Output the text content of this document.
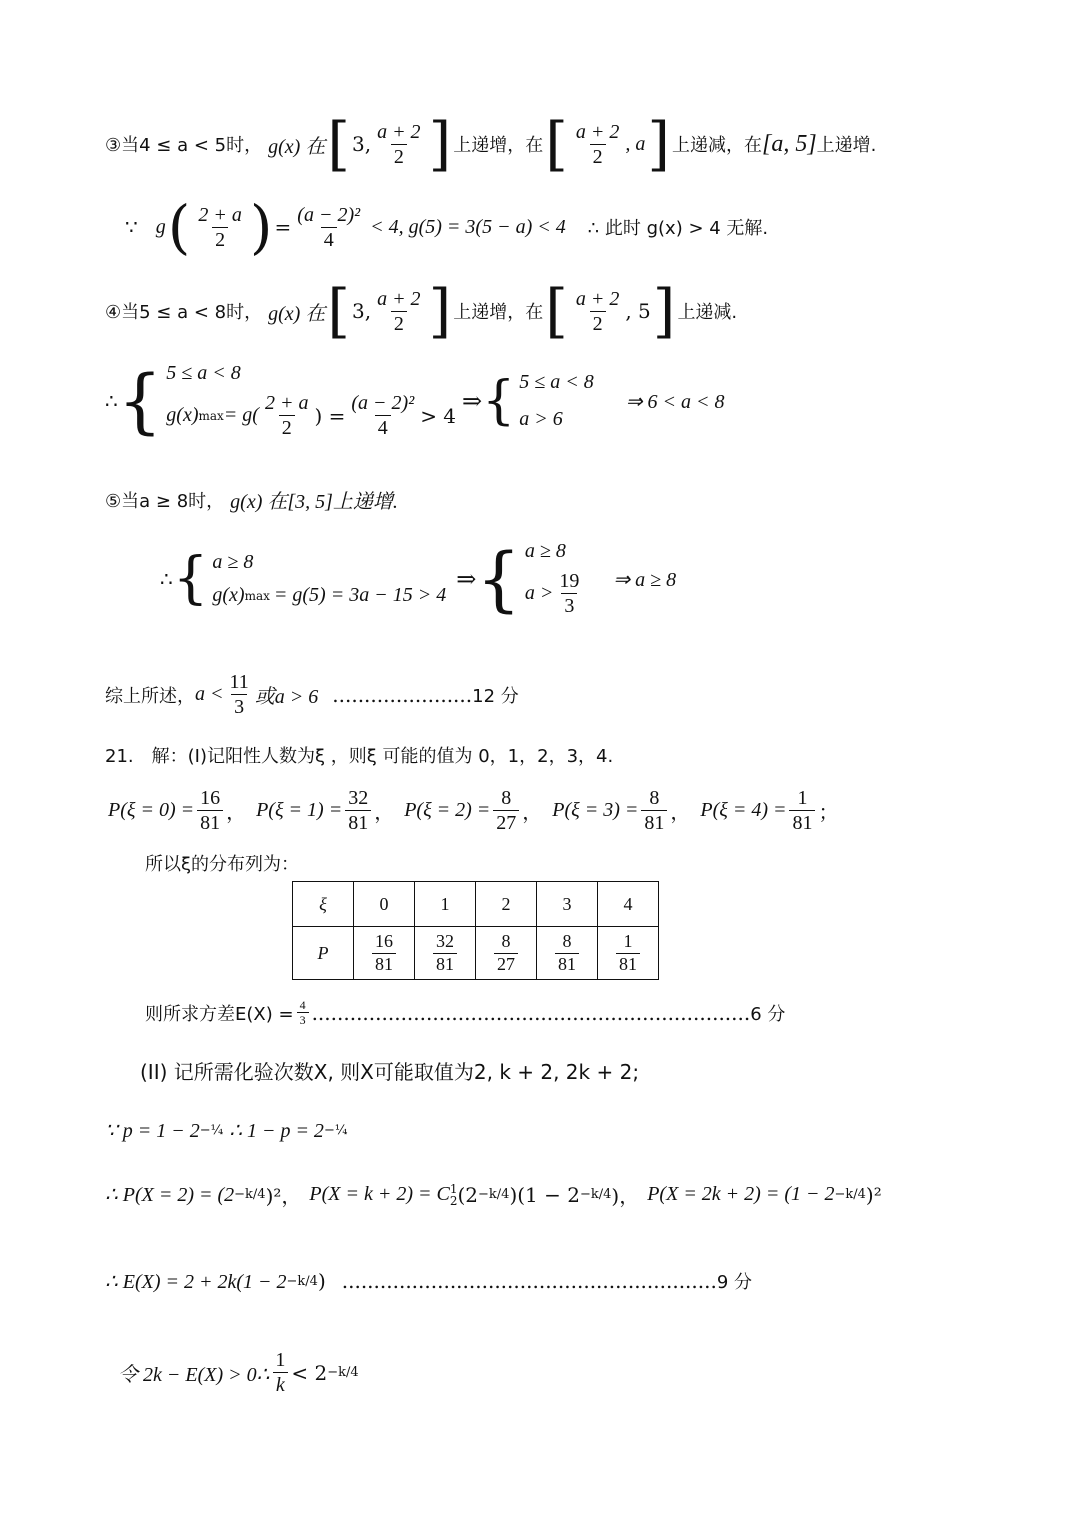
③当4 ≤ a < 5时， g(x) 在 [ 3, $\frac{a + 2}{2}$ ] 上递增，在 [ $\frac{a + 2}{2}$ , a ] 上递减，在 [a, 5] 上递增.
∵ g ( $\frac{2 + a}{2}$ ) = $\frac{\text{(a − 2)²}}{4} < 4$, g(5) = 3(5 − a) < 4 ∴ 此时 g(x) > 4 无解.
④当5 ≤ a < 8时， g(x) 在 [ 3, $\frac{a + 2}{2}$ ] 上递增，在 [ $\frac{a + 2}{2}$ , 5 ] 上递减.
∴ { 5 ≤ a < 8
g(x) $\max = g( \frac{2 + a}{2}$ ) = $\frac{\text{(a − 2)²}}{4} > 4$
⇒ { 5 ≤ a < 8
a > 6
⇒ 6 < a < 8
⑤当a ≥ 8时， g(x) 在[3, 5]上递增.
∴ { a ≥ 8
g(x) max = g(5) = 3a − 15 > 4
⇒ { a ≥ 8
$a > \frac{19}{3}$ ⇒ a ≥ 8
综上所述， $a < \frac{11}{3}$ 或a > 6 ...................... 12 分
21.　解：(I)记阳性人数为ξ ，则ξ 可能的值为 0，1，2，3，4.
$P(\xi = 0) = \frac{16}{81}$ ， $P(\xi = 1) = \frac{32}{81}$ ， $P(\xi = 2) = \frac{8}{27}$ ， $P(\xi = 3) = \frac{8}{81}$ ， $P(\xi = 4) = \frac{1}{81}$ ；
所以ξ的分布列为：
ξ	0	1	2	3	4
P	$\frac{16}{81}$	$\frac{32}{81}$	$\frac{8}{27}$	$\frac{8}{81}$	$\frac{1}{81}$
则所求方差$E(X) = \frac{4}{3}$ ..................................................................... 6 分
(II) 记所需化验次数X, 则X可能取值为2, k + 2, 2k + 2;
∵ p = 1 − 2 −¼ ∴ 1 − p = 2 −¼
∴ P(X = 2) = (2 −k/4 )²， P(X = k + 2) = C 1
2 (2 −k/4 )(1 − 2 −k/4 )， P(X = 2k + 2) = (1 − 2 −k/4 )²
∴ E(X) = 2 + 2k(1 − 2 −k/4 ) ........................................................... 9 分
令 2k − E(X) > 0∴ $\frac{1}{k} < 2 -k/4$
